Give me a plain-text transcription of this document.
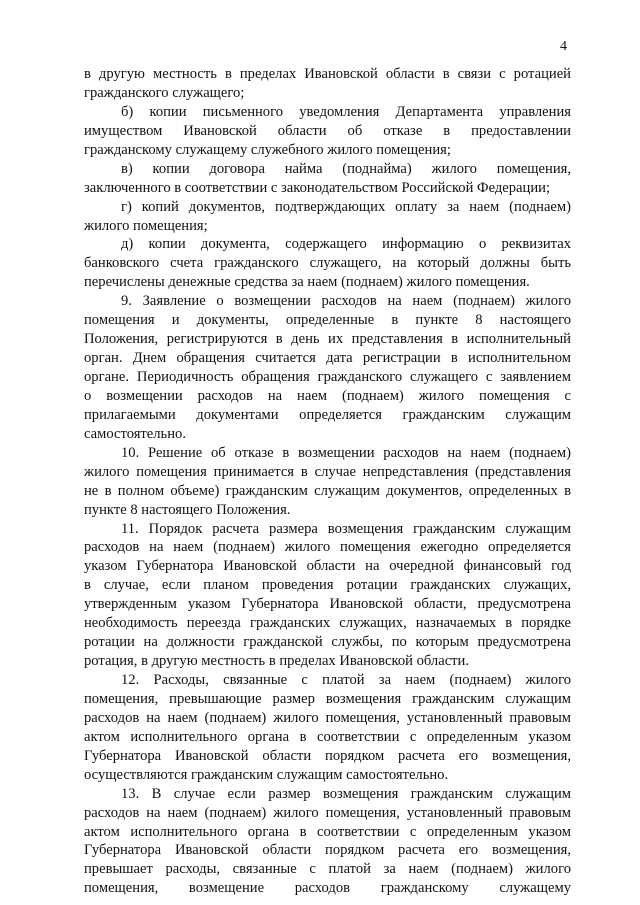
4
в другую местность в пределах Ивановской области в связи с ротацией
гражданского служащего;
б) копии письменного уведомления Департамента управления
имуществом Ивановской области об отказе в предоставлении
гражданскому служащему служебного жилого помещения;
в) копии договора найма (поднайма) жилого помещения,
заключенного в соответствии с законодательством Российской Федерации;
г) копий документов, подтверждающих оплату за наем (поднаем)
жилого помещения;
д) копии документа, содержащего информацию о реквизитах
банковского счета гражданского служащего, на который должны быть
перечислены денежные средства за наем (поднаем) жилого помещения.
9. Заявление о возмещении расходов на наем (поднаем) жилого
помещения и документы, определенные в пункте 8 настоящего
Положения, регистрируются в день их представления в исполнительный
орган. Днем обращения считается дата регистрации в исполнительном
органе. Периодичность обращения гражданского служащего с заявлением
о возмещении расходов на наем (поднаем) жилого помещения с
прилагаемыми документами определяется гражданским служащим
самостоятельно.
10. Решение об отказе в возмещении расходов на наем (поднаем)
жилого помещения принимается в случае непредставления (представления
не в полном объеме) гражданским служащим документов, определенных в
пункте 8 настоящего Положения.
11. Порядок расчета размера возмещения гражданским служащим
расходов на наем (поднаем) жилого помещения ежегодно определяется
указом Губернатора Ивановской области на очередной финансовый год
в случае, если планом проведения ротации гражданских служащих,
утвержденным указом Губернатора Ивановской области, предусмотрена
необходимость переезда гражданских служащих, назначаемых в порядке
ротации на должности гражданской службы, по которым предусмотрена
ротация, в другую местность в пределах Ивановской области.
12. Расходы, связанные с платой за наем (поднаем) жилого
помещения, превышающие размер возмещения гражданским служащим
расходов на наем (поднаем) жилого помещения, установленный правовым
актом исполнительного органа в соответствии с определенным указом
Губернатора Ивановской области порядком расчета его возмещения,
осуществляются гражданским служащим самостоятельно.
13. В случае если размер возмещения гражданским служащим
расходов на наем (поднаем) жилого помещения, установленный правовым
актом исполнительного органа в соответствии с определенным указом
Губернатора Ивановской области порядком расчета его возмещения,
превышает расходы, связанные с платой за наем (поднаем) жилого
помещения, возмещение расходов гражданскому служащему
